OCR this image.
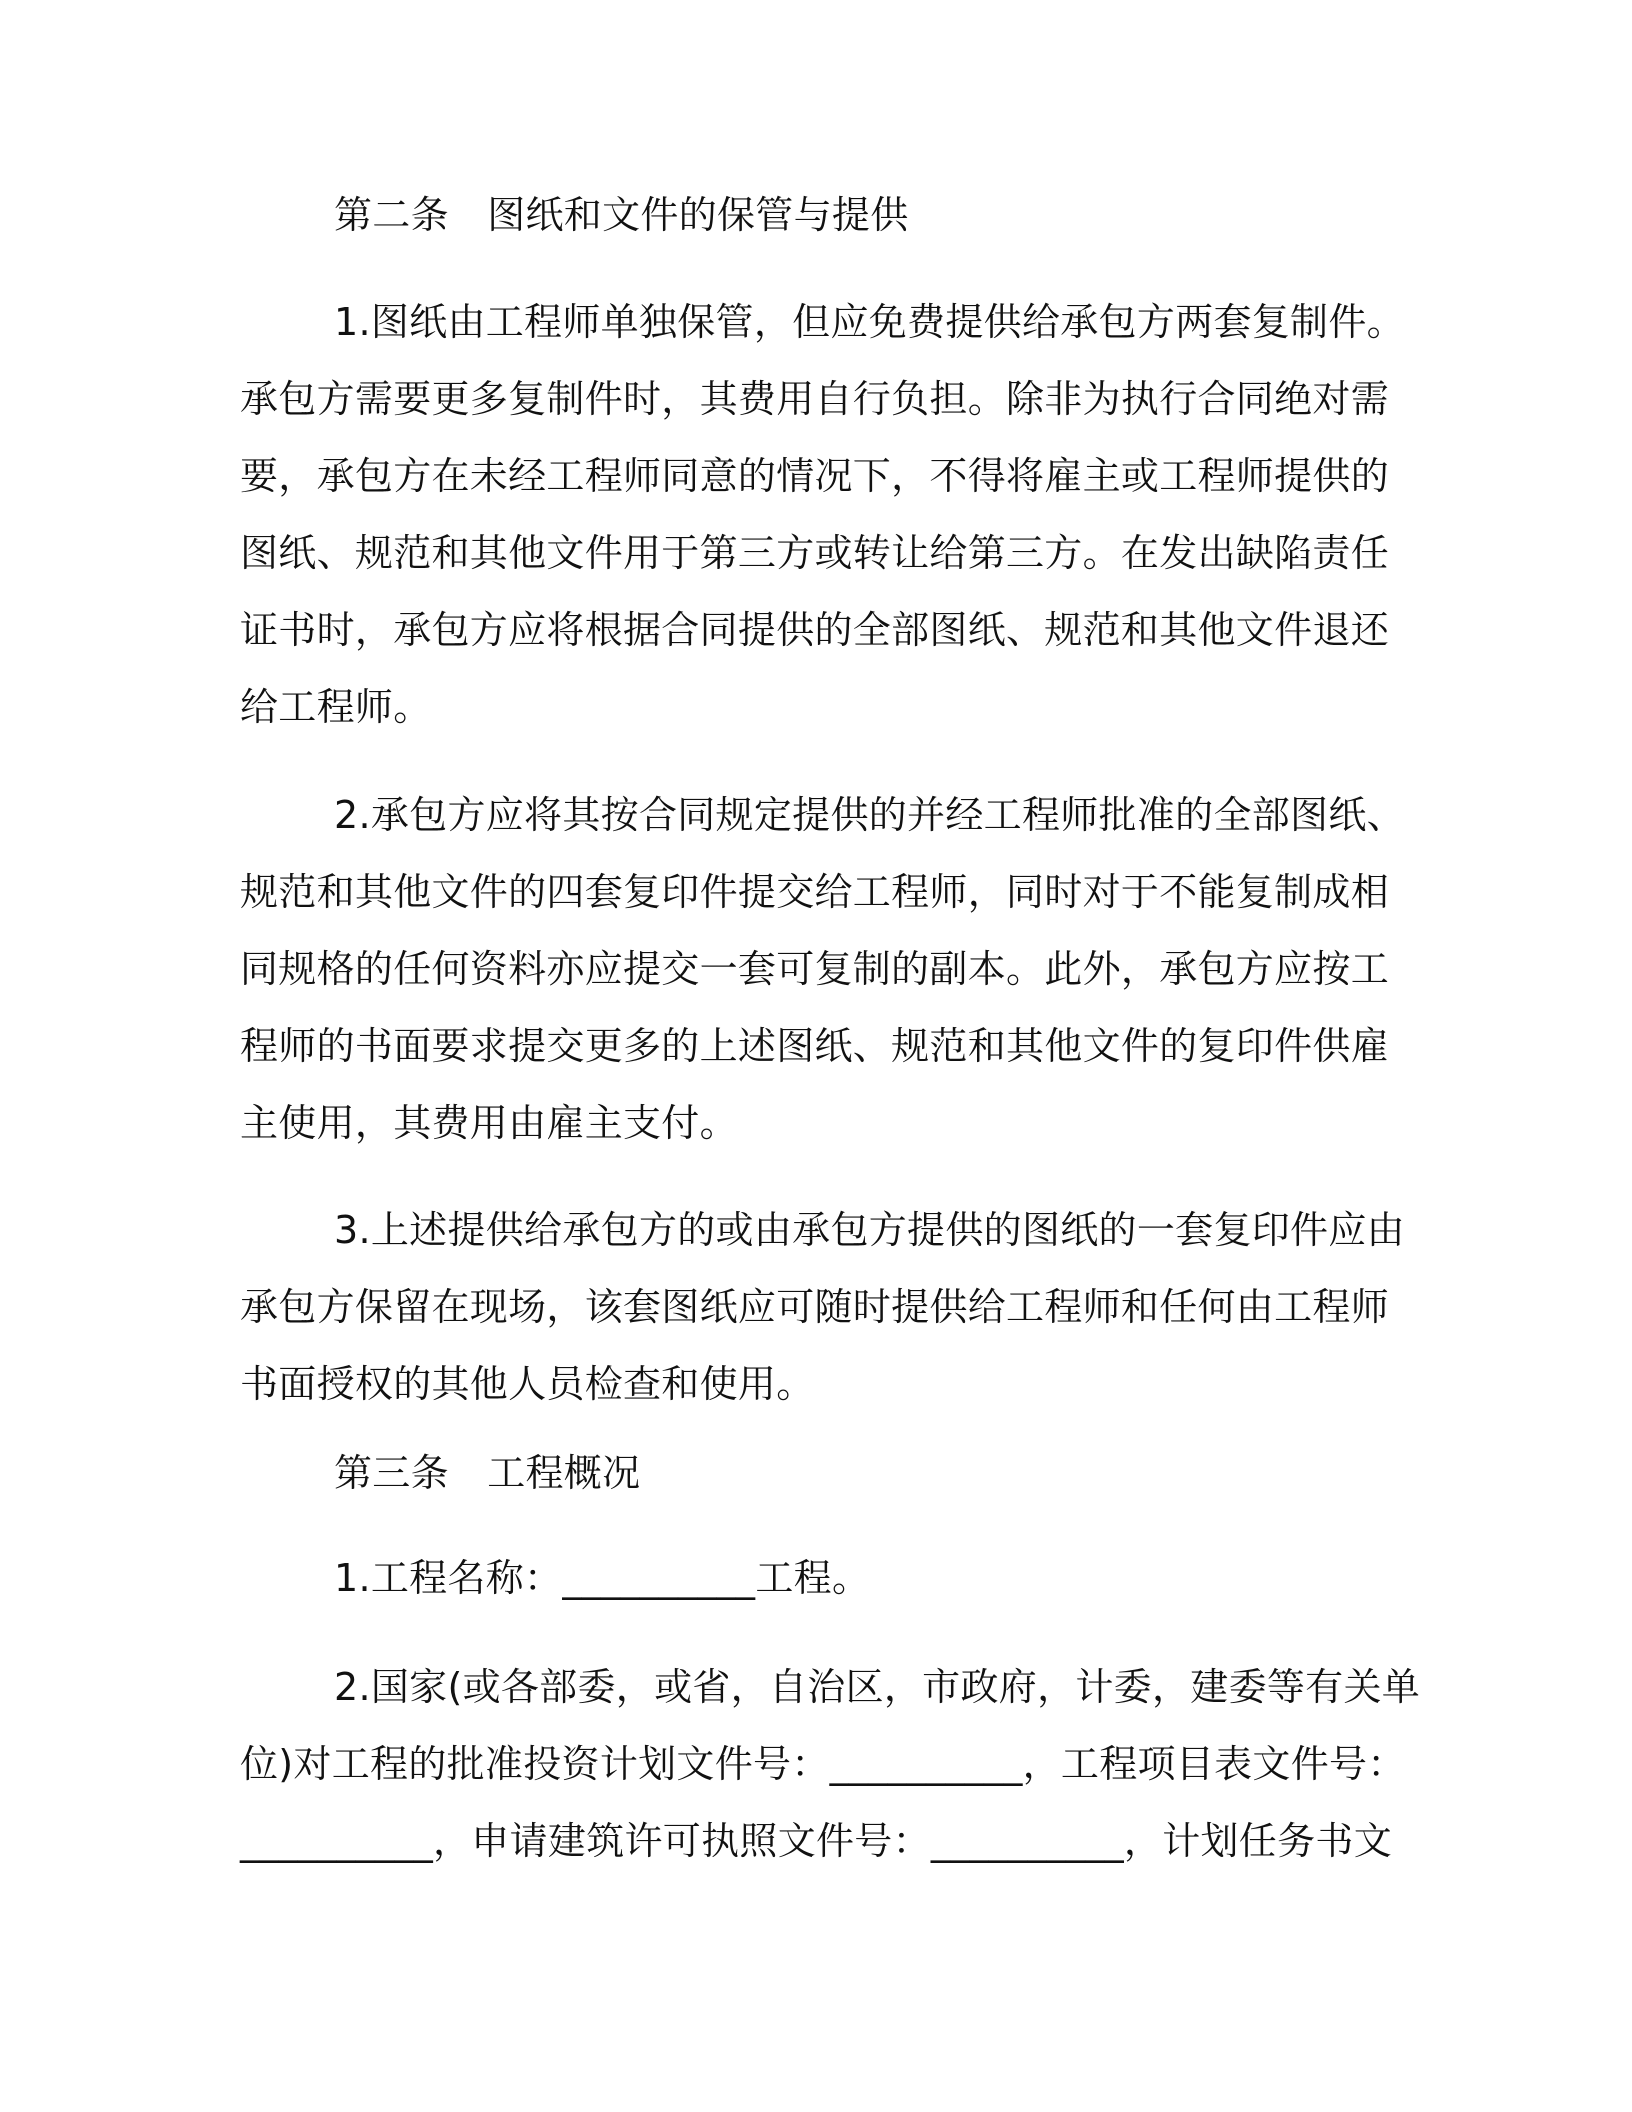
第二条　图纸和文件的保管与提供
1.图纸由工程师单独保管，但应免费提供给承包方两套复制件。
承包方需要更多复制件时，其费用自行负担。除非为执行合同绝对需
要，承包方在未经工程师同意的情况下，不得将雇主或工程师提供的
图纸、规范和其他文件用于第三方或转让给第三方。在发出缺陷责任
证书时，承包方应将根据合同提供的全部图纸、规范和其他文件退还
给工程师。
2.承包方应将其按合同规定提供的并经工程师批准的全部图纸、
规范和其他文件的四套复印件提交给工程师，同时对于不能复制成相
同规格的任何资料亦应提交一套可复制的副本。此外，承包方应按工
程师的书面要求提交更多的上述图纸、规范和其他文件的复印件供雇
主使用，其费用由雇主支付。
3.上述提供给承包方的或由承包方提供的图纸的一套复印件应由
承包方保留在现场，该套图纸应可随时提供给工程师和任何由工程师
书面授权的其他人员检查和使用。
第三条　工程概况
1.工程名称：__________工程。
2.国家(或各部委，或省，自治区，市政府，计委，建委等有关单
位)对工程的批准投资计划文件号：__________，工程项目表文件号：
__________，申请建筑许可执照文件号：__________，计划任务书文
